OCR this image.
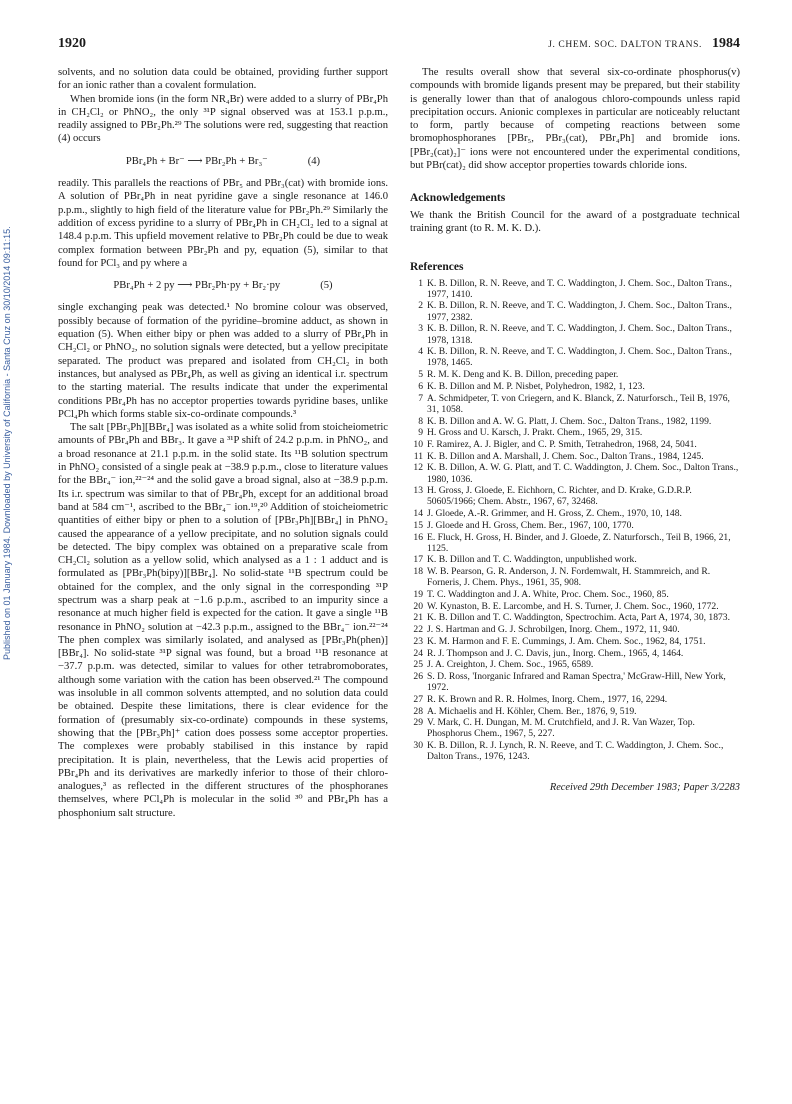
Published on 01 January 1984. Downloaded by University of California - Santa Cruz on 30/10/2014 09:11:15.
1920	J. CHEM. SOC. DALTON TRANS. 1984

solvents, and no solution data could be obtained, providing further support for an ionic rather than a covalent formulation.

When bromide ions (in the form NR₄Br) were added to a slurry of PBr₄Ph in CH₂Cl₂ or PhNO₂, the only ³¹P signal observed was at 153.1 p.p.m., readily assigned to PBr₂Ph.²⁹ The solutions were red, suggesting that reaction (4) occurs

PBr₄Ph + Br⁻ ⟶ PBr₂Ph + Br₃⁻	(4)

readily. This parallels the reactions of PBr₅ and PBr₃(cat) with bromide ions. A solution of PBr₄Ph in neat pyridine gave a single resonance at 146.0 p.p.m., slightly to high field of the literature value for PBr₂Ph.²⁹ Similarly the addition of excess pyridine to a slurry of PBr₄Ph in CH₂Cl₂ led to a signal at 148.4 p.p.m. This upfield movement relative to PBr₂Ph could be due to weak complex formation between PBr₂Ph and py, equation (5), similar to that found for PCl₃ and py where a

PBr₄Ph + 2 py ⟶ PBr₂Ph·py + Br₂·py	(5)

single exchanging peak was detected.¹ No bromine colour was observed, possibly because of formation of the pyridine–bromine adduct, as shown in equation (5). When either bipy or phen was added to a slurry of PBr₄Ph in CH₂Cl₂ or PhNO₂, no solution signals were detected, but a yellow precipitate separated. The product was prepared and isolated from CH₂Cl₂ in both instances, but analysed as PBr₄Ph, as well as giving an identical i.r. spectrum to the starting material. The results indicate that under the experimental conditions PBr₄Ph has no acceptor properties towards pyridine bases, unlike PCl₄Ph which forms stable six-co-ordinate compounds.³

The salt [PBr₃Ph][BBr₄] was isolated as a white solid from stoicheiometric amounts of PBr₄Ph and BBr₃. It gave a ³¹P shift of 24.2 p.p.m. in PhNO₂, and a broad resonance at 21.1 p.p.m. in the solid state. Its ¹¹B solution spectrum in PhNO₂ consisted of a single peak at −38.9 p.p.m., close to literature values for the BBr₄⁻ ion,²²⁻²⁴ and the solid gave a broad signal, also at −38.9 p.p.m. Its i.r. spectrum was similar to that of PBr₄Ph, except for an additional broad band at 584 cm⁻¹, ascribed to the BBr₄⁻ ion.¹⁹,²⁰ Addition of stoicheiometric quantities of either bipy or phen to a solution of [PBr₃Ph][BBr₄] in PhNO₂ caused the appearance of a yellow precipitate, and no solution signals could be detected. The bipy complex was obtained on a preparative scale from CH₂Cl₂ solution as a yellow solid, which analysed as a 1 : 1 adduct and is formulated as [PBr₃Ph(bipy)][BBr₄]. No solid-state ¹¹B spectrum could be obtained for the complex, and the only signal in the corresponding ³¹P spectrum was a sharp peak at −1.6 p.p.m., ascribed to an impurity since a resonance at much higher field is expected for the cation. It gave a single ¹¹B resonance in PhNO₂ solution at −42.3 p.p.m., assigned to the BBr₄⁻ ion.²²⁻²⁴ The phen complex was similarly isolated, and analysed as [PBr₃Ph(phen)][BBr₄]. No solid-state ³¹P signal was found, but a broad ¹¹B resonance at −37.7 p.p.m. was detected, similar to values for other tetrabromoborates, although some variation with the cation has been observed.²¹ The compound was insoluble in all common solvents attempted, and no solution data could be obtained. Despite these limitations, there is clear evidence for the formation of (presumably six-co-ordinate) compounds in these systems, showing that the [PBr₃Ph]⁺ cation does possess some acceptor properties. The complexes were probably stabilised in this instance by rapid precipitation. It is plain, nevertheless, that the Lewis acid properties of PBr₄Ph and its derivatives are markedly inferior to those of their chloro-analogues,³ as reflected in the different structures of the phosphoranes themselves, where PCl₄Ph is molecular in the solid ³⁰ and PBr₄Ph has a phosphonium salt structure.

The results overall show that several six-co-ordinate phosphorus(v) compounds with bromide ligands present may be prepared, but their stability is generally lower than that of analogous chloro-compounds unless rapid precipitation occurs. Anionic complexes in particular are noticeably reluctant to form, partly because of competing reactions between some bromophosphoranes [PBr₅, PBr₃(cat), PBr₄Ph] and bromide ions. [PBr₂(cat)₂]⁻ ions were not encountered under the experimental conditions, but PBr(cat)₂ did show acceptor properties towards chloride ions.

Acknowledgements

We thank the British Council for the award of a postgraduate technical training grant (to R. M. K. D.).

References
1 K. B. Dillon, R. N. Reeve, and T. C. Waddington, J. Chem. Soc., Dalton Trans., 1977, 1410.
2 K. B. Dillon, R. N. Reeve, and T. C. Waddington, J. Chem. Soc., Dalton Trans., 1977, 2382.
3 K. B. Dillon, R. N. Reeve, and T. C. Waddington, J. Chem. Soc., Dalton Trans., 1978, 1318.
4 K. B. Dillon, R. N. Reeve, and T. C. Waddington, J. Chem. Soc., Dalton Trans., 1978, 1465.
5 R. M. K. Deng and K. B. Dillon, preceding paper.
6 K. B. Dillon and M. P. Nisbet, Polyhedron, 1982, 1, 123.
7 A. Schmidpeter, T. von Criegern, and K. Blanck, Z. Naturforsch., Teil B, 1976, 31, 1058.
8 K. B. Dillon and A. W. G. Platt, J. Chem. Soc., Dalton Trans., 1982, 1199.
9 H. Gross and U. Karsch, J. Prakt. Chem., 1965, 29, 315.
10 F. Ramirez, A. J. Bigler, and C. P. Smith, Tetrahedron, 1968, 24, 5041.
11 K. B. Dillon and A. Marshall, J. Chem. Soc., Dalton Trans., 1984, 1245.
12 K. B. Dillon, A. W. G. Platt, and T. C. Waddington, J. Chem. Soc., Dalton Trans., 1980, 1036.
13 H. Gross, J. Gloede, E. Eichhorn, C. Richter, and D. Krake, G.D.R.P. 50605/1966; Chem. Abstr., 1967, 67, 32468.
14 J. Gloede, A.-R. Grimmer, and H. Gross, Z. Chem., 1970, 10, 148.
15 J. Gloede and H. Gross, Chem. Ber., 1967, 100, 1770.
16 E. Fluck, H. Gross, H. Binder, and J. Gloede, Z. Naturforsch., Teil B, 1966, 21, 1125.
17 K. B. Dillon and T. C. Waddington, unpublished work.
18 W. B. Pearson, G. R. Anderson, J. N. Fordemwalt, H. Stammreich, and R. Forneris, J. Chem. Phys., 1961, 35, 908.
19 T. C. Waddington and J. A. White, Proc. Chem. Soc., 1960, 85.
20 W. Kynaston, B. E. Larcombe, and H. S. Turner, J. Chem. Soc., 1960, 1772.
21 K. B. Dillon and T. C. Waddington, Spectrochim. Acta, Part A, 1974, 30, 1873.
22 J. S. Hartman and G. J. Schrobilgen, Inorg. Chem., 1972, 11, 940.
23 K. M. Harmon and F. E. Cummings, J. Am. Chem. Soc., 1962, 84, 1751.
24 R. J. Thompson and J. C. Davis, jun., Inorg. Chem., 1965, 4, 1464.
25 J. A. Creighton, J. Chem. Soc., 1965, 6589.
26 S. D. Ross, 'Inorganic Infrared and Raman Spectra,' McGraw-Hill, New York, 1972.
27 R. K. Brown and R. R. Holmes, Inorg. Chem., 1977, 16, 2294.
28 A. Michaelis and H. Köhler, Chem. Ber., 1876, 9, 519.
29 V. Mark, C. H. Dungan, M. M. Crutchfield, and J. R. Van Wazer, Top. Phosphorus Chem., 1967, 5, 227.
30 K. B. Dillon, R. J. Lynch, R. N. Reeve, and T. C. Waddington, J. Chem. Soc., Dalton Trans., 1976, 1243.
Received 29th December 1983; Paper 3/2283
